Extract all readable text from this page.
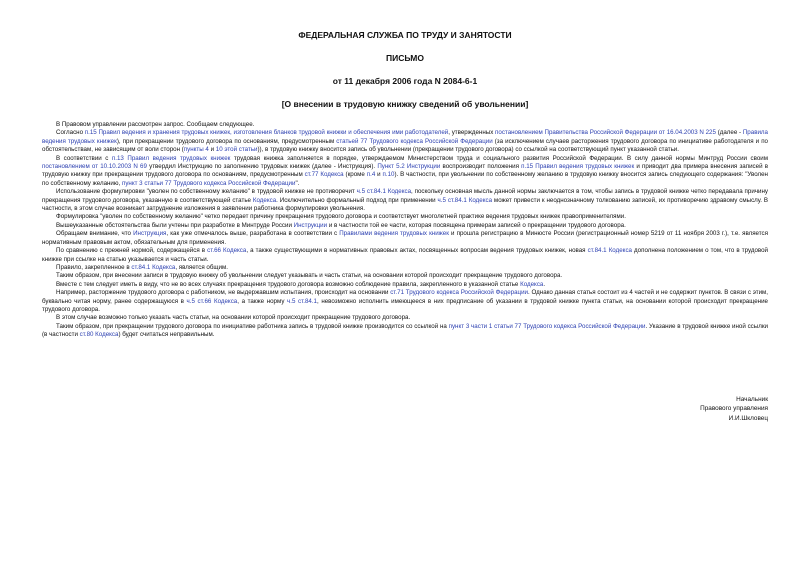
ФЕДЕРАЛЬНАЯ СЛУЖБА ПО ТРУДУ И ЗАНЯТОСТИ
ПИСЬМО
от 11 декабря 2006 года N 2084-6-1
[О внесении в трудовую книжку сведений об увольнении]

В Правовом управлении рассмотрен запрос. Сообщаем следующее.

Согласно п.15 Правил ведения и хранения трудовых книжек, изготовления бланков трудовой книжки и обеспечения ими работодателей, утвержденных постановлением Правительства Российской Федерации от 16.04.2003 N 225 (далее - Правила ведения трудовых книжек), при прекращении трудового договора по основаниям, предусмотренным статьей 77 Трудового кодекса Российской Федерации (за исключением случаев расторжения трудового договора по инициативе работодателя и по обстоятельствам, не зависящим от воли сторон (пункты 4 и 10 этой статьи)), в трудовую книжку вносится запись об увольнении (прекращении трудового договора) со ссылкой на соответствующий пункт указанной статьи.

В соответствии с п.13 Правил ведения трудовых книжек трудовая книжка заполняется в порядке, утверждаемом Министерством труда и социального развития Российской Федерации. В силу данной нормы Минтруд России своим постановлением от 10.10.2003 N 69 утвердил Инструкцию по заполнению трудовых книжек (далее - Инструкция). Пункт 5.2 Инструкции воспроизводит положения п.15 Правил ведения трудовых книжек и приводит два примера внесения записей в трудовую книжку при прекращении трудового договора по основаниям, предусмотренным ст.77 Кодекса (кроме п.4 и п.10). В частности, при увольнении по собственному желанию в трудовую книжку вносится запись следующего содержания: "Уволен по собственному желанию, пункт 3 статьи 77 Трудового кодекса Российской Федерации".

Использование формулировки "уволен по собственному желанию" в трудовой книжке не противоречит ч.5 ст.84.1 Кодекса, поскольку основная мысль данной нормы заключается в том, чтобы запись в трудовой книжке четко передавала причину прекращения трудового договора, указанную в соответствующей статье Кодекса. Исключительно формальный подход при применении ч.5 ст.84.1 Кодекса может привести к неоднозначному толкованию записей, их противоречию здравому смыслу. В частности, в этом случае возникает затруднение изложения в заявлении работника формулировки увольнения.

Формулировка "уволен по собственному желанию" четко передает причину прекращения трудового договора и соответствует многолетней практике ведения трудовых книжек правоприменителями.

Вышеуказанные обстоятельства были учтены при разработке в Минтруде России Инструкции и в частности той ее части, которая посвящена примерам записей о прекращении трудового договора.

Обращаем внимание, что Инструкция, как уже отмечалось выше, разработана в соответствии с Правилами ведения трудовых книжек и прошла регистрацию в Минюсте России (регистрационный номер 5219 от 11 ноября 2003 г.), т.е. является нормативным правовым актом, обязательным для применения.

По сравнению с прежней нормой, содержащейся в ст.66 Кодекса, а также существующими в нормативных правовых актах, посвященных вопросам ведения трудовых книжек, новая ст.84.1 Кодекса дополнена положением о том, что в трудовой книжке при ссылке на статью указывается и часть статьи.

Правило, закрепленное в ст.84.1 Кодекса, является общим.

Таким образом, при внесении записи в трудовую книжку об увольнении следует указывать и часть статьи, на основании которой происходит прекращение трудового договора.

Вместе с тем следует иметь в виду, что не во всех случаях прекращения трудового договора возможно соблюдение правила, закрепленного в указанной статье Кодекса.

Например, расторжение трудового договора с работником, не выдержавшим испытания, происходит на основании ст.71 Трудового кодекса Российской Федерации. Однако данная статья состоит из 4 частей и не содержит пунктов. В связи с этим, буквально читая норму, ранее содержащуюся в ч.5 ст.66 Кодекса, а также норму ч.5 ст.84.1, невозможно исполнить имеющееся в них предписание об указании в трудовой книжке пункта статьи, на основании которой происходит прекращение трудового договора.

В этом случае возможно только указать часть статьи, на основании которой происходит прекращение трудового договора.

Таким образом, при прекращении трудового договора по инициативе работника запись в трудовой книжке производится со ссылкой на пункт 3 части 1 статьи 77 Трудового кодекса Российской Федерации. Указание в трудовой книжке иной ссылки (в частности ст.80 Кодекса) будет считаться неправильным.

Начальник
Правового управления
И.И.Шкловец
